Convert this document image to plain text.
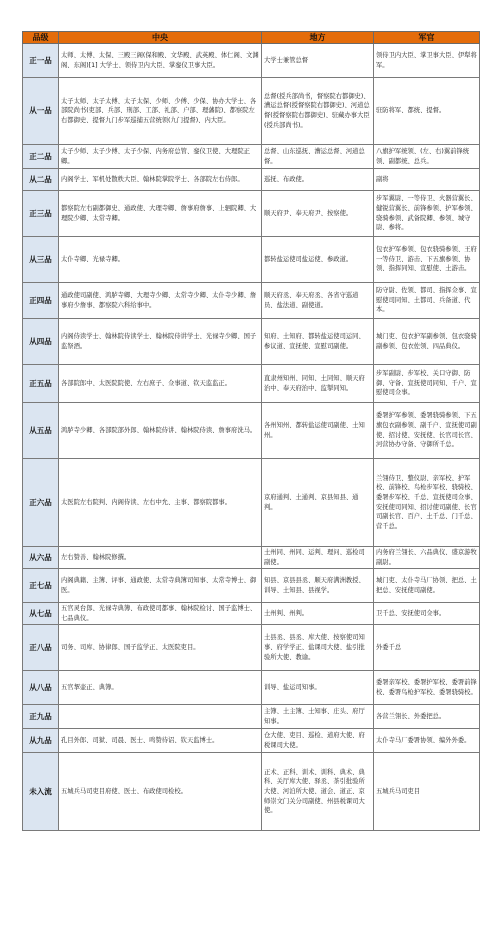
品级	中央	地方	军官
正一品	太师、太傅、太保、三殿三阁(保和殿、文华殿、武英殿、体仁阁、文渊阁、东阁)[1] 大学士、领侍卫内大臣、掌銮仪卫事大臣。	大学士兼管总督	领侍卫内大臣、掌卫事大臣、伊犁将军。
从一品	太子太师、太子太傅、太子太保、少师、少傅、少保、协办大学士、各部院尚书(吏部、兵部、刑部、工部、礼部、户部、理藩院)、都察院左右都御史、提督九门步军巡捕五营统领(九门提督)、内大臣。	总督(授兵部尚书，督察院右都御史)、漕运总督(授督察院右都御史)、河道总督(授督察院右都御史)、驻藏办事大臣(授兵部尚书)。	驻防将军、都统、提督。
正二品	太子少师、太子少傅、太子少保、内务府总管、銮仪卫使、大理院正卿。	总督、山东巡抚、漕运总督、河道总督。	八旗护军统领、(左、右)翼前锋统领、副都统、总兵。
从二品	内阁学士、军机处散秩大臣、翰林院掌院学士、各部院左右侍郎。	巡抚、布政使。	副将
正三品	都察院左右副都御史、通政使、大理寺卿、詹事府詹事、上驷院卿、大理院少卿、太常寺卿。	顺天府尹、奉天府尹、按察使。	步军翼尉、一等侍卫、火器营翼长、健锐营翼长、前锋参领、护军参领、骁骑参领、武备院卿、参领、城守尉、参将。
从三品	太仆寺卿、光禄寺卿。	都转盐运使司盐运使、参政道。	包衣护军参领、包衣骁骑参领、王府一等侍卫、游击、下五旗参领、协领、指挥同知、宣慰使、土游击。
正四品	通政使司副使、鸿胪寺卿、大理寺少卿、太常寺少卿、太仆寺少卿、詹事府少詹事、都察院六科给事中。	顺天府丞、奉天府丞、各省守巡道员、盐法道、副使道。	防守尉、佐领、都司、指挥佥事、宣慰使司同知、土都司、兵备道、代本。
从四品	内阁侍读学士、翰林院侍读学士、翰林院侍讲学士、光禄寺少卿、国子监祭酒。	知府、土知府、都转盐运使司运同、参议道、宣抚使、宣慰司副使。	城门吏、包衣护军副参领、包衣骁骑副参领、包衣佐领、四品典仪。
正五品	各部院郎中、太医院院使、左右庶子、佥事道、钦天监监正。	直隶州知州、同知、土同知、顺天府治中、奉天府治中、监掣同知。	步军副尉、步军校、关口守御、防御、守备、宣抚使司同知、千户、宣慰使司佥事。
从五品	鸿胪寺少卿、各部院部外郎、翰林院侍讲、翰林院侍读、詹事府洗马。	各州知州、都转盐运使司副使、土知州。	委署护军参领、委署骁骑参领、下五旗包衣副参领、副千户、宣抚使司副使、招讨使、安抚使、长官司长官、河营协办守备、守御所千总。
正六品	太医院左右院判、内阁侍读、左右中允、主事、都察院都事。	京府通判、土通判、京县知县、通判。	兰翎侍卫、整仪尉、亲军校、护军校、前锋校、鸟枪步军校、骁骑校、委署步军校、千总、宣抚使司佥事、安抚使司同知、招讨使司副使、长官司副长官、百户、土千总、门千总、营千总。
从六品	左右赞善、翰林院修撰。	土州同、州同、运判、理问、巡检司副使。	内务府兰翎长、六品典仪、盛京游牧副尉。
正七品	内阁典籍、主簿、评事、通政使、太常寺典簿司知事、太常寺博士、御医。	知县、京县县丞、顺天府满洲教授、训导、土知县、县视学。	城门吏、太仆寺马厂协领、把总、土把总、安抚使司副使。
从七品	五官灵台郎、光禄寺典簿、布政使司都事、翰林院检讨、国子监博士、七品典仪。	土州判、州判。	卫千总、安抚使司佥事。
正八品	司务、司库、协律郎、国子监学正、太医院吏目。	土县丞、县丞、库大使、按察使司知事、府学学正、盐课司大使、盐引批验所大使、教谕。	外委千总
从八品	五官挈壶正、典簿。	训导、盐运司知事。	委署亲军校、委署护军校、委署前锋校、委署鸟枪护军校、委署骁骑校。
正九品		主簿、土主簿、土知事、庄头、府厅知事。	各营兰翎长、外委把总。
从九品	孔目外郎、司狱、司晨、医士、鸣赞待诏、钦天监博士。	仓大使、吏目、巡检、道府大使、府税课司大使。	太仆寺马厂委署协领、编外外委。
未入流	五城兵马司吏目府使、医士、布政使司检校。	正术、正科、训术、训科、典术、典科、关厅库大使、驿丞、茶引批验所大使、河泊所大使、道会、道正、京师崇文门关分司副使、州县税课司大使。	五城兵马司吏目
